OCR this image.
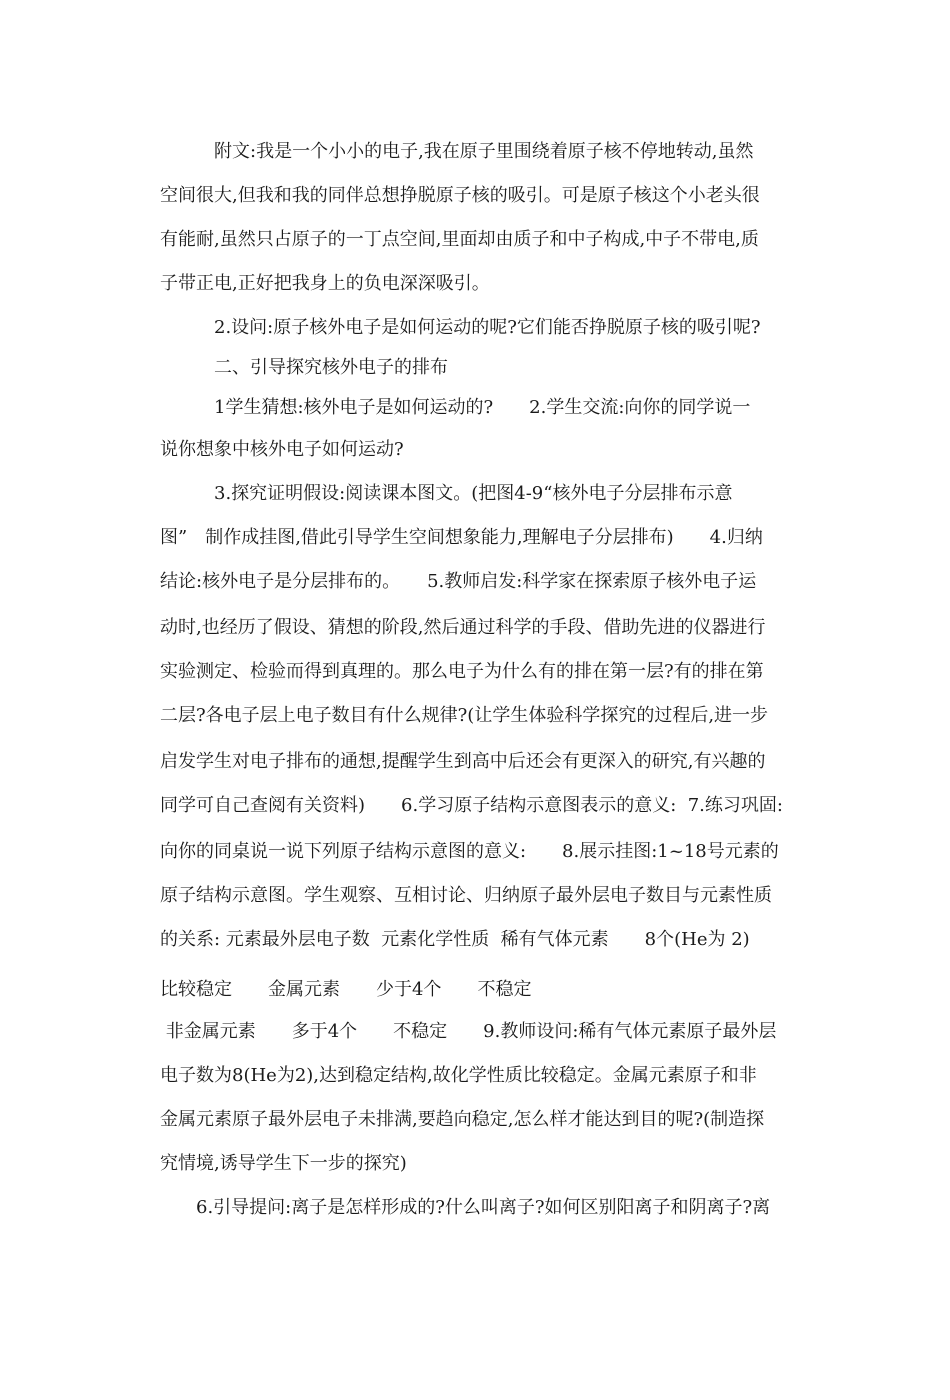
　　　附文:我是一个小小的电子,我在原子里围绕着原子核不停地转动,虽然
空间很大,但我和我的同伴总想挣脱原子核的吸引。可是原子核这个小老头很
有能耐,虽然只占原子的一丁点空间,里面却由质子和中子构成,中子不带电,质
子带正电,正好把我身上的负电深深吸引。
　　　2.设问:原子核外电子是如何运动的呢?它们能否挣脱原子核的吸引呢?
　　　二、引导探究核外电子的排布
　　　1学生猜想:核外电子是如何运动的?　　2.学生交流:向你的同学说一
说你想象中核外电子如何运动?
　　　3.探究证明假设:阅读课本图文。(把图4-9“核外电子分层排布示意
图”　制作成挂图,借此引导学生空间想象能力,理解电子分层排布)　　4.归纳
结论:核外电子是分层排布的。　　5.教师启发:科学家在探索原子核外电子运
动时,也经历了假设、猜想的阶段,然后通过科学的手段、借助先进的仪器进行
实验测定、检验而得到真理的。那么电子为什么有的排在第一层?有的排在第
二层?各电子层上电子数目有什么规律?(让学生体验科学探究的过程后,进一步
启发学生对电子排布的通想,提醒学生到高中后还会有更深入的研究,有兴趣的
同学可自己查阅有关资料)　　6.学习原子结构示意图表示的意义:  7.练习巩固:
向你的同桌说一说下列原子结构示意图的意义:　　8.展示挂图:1~18号元素的
原子结构示意图。学生观察、互相讨论、归纳原子最外层电子数目与元素性质
的关系: 元素最外层电子数  元素化学性质  稀有气体元素　　8个(He为 2)
比较稳定　　金属元素　　少于4个　　不稳定
非金属元素　　多于4个　　不稳定　　9.教师设问:稀有气体元素原子最外层
电子数为8(He为2),达到稳定结构,故化学性质比较稳定。金属元素原子和非
金属元素原子最外层电子未排满,要趋向稳定,怎么样才能达到目的呢?(制造探
究情境,诱导学生下一步的探究)
　　6.引导提问:离子是怎样形成的?什么叫离子?如何区别阳离子和阴离子?离
